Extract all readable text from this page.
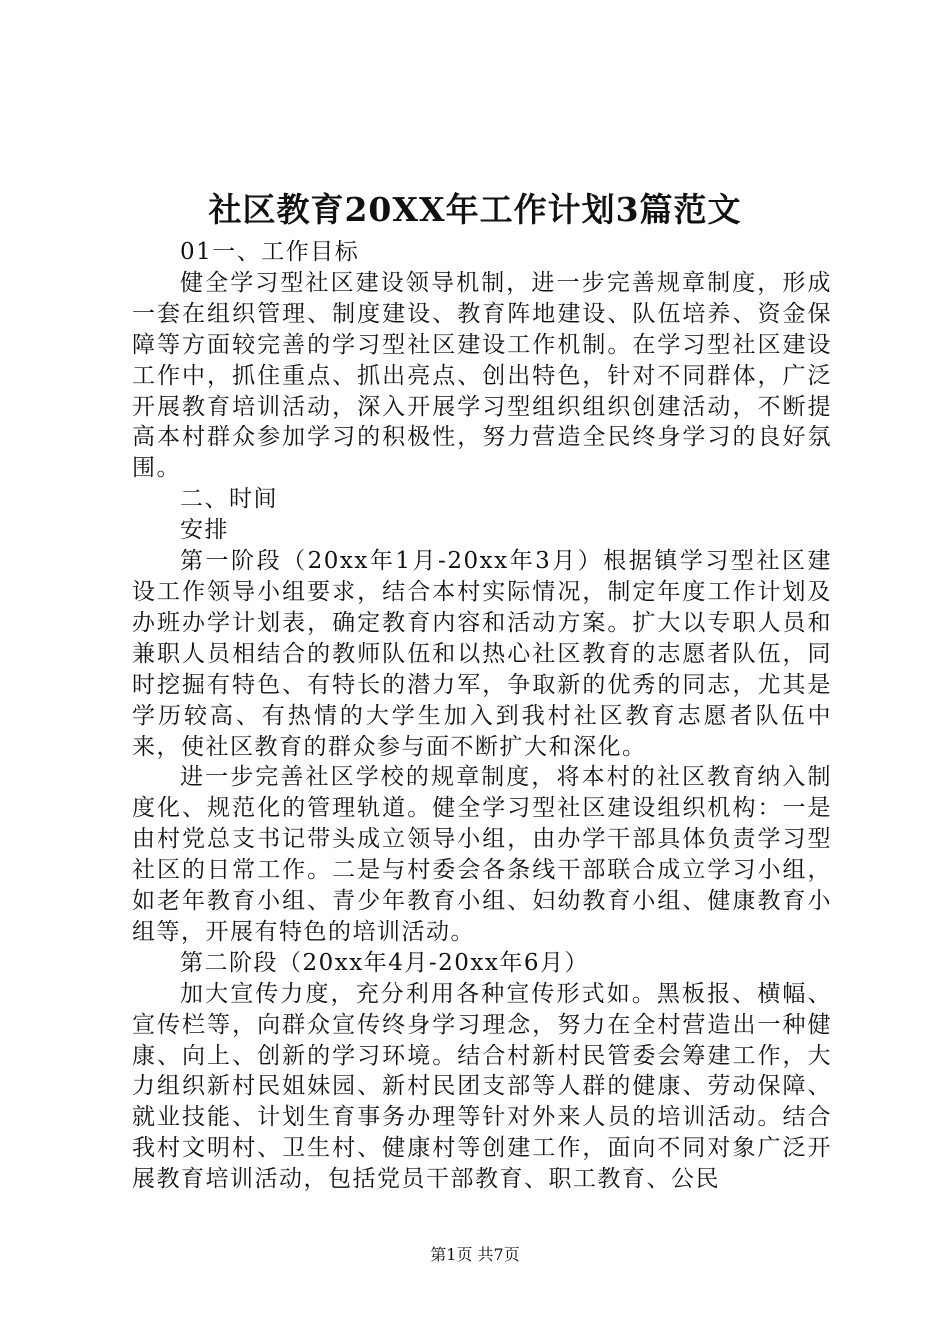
社区教育20XX年工作计划3篇范文

01一、工作目标

健全学习型社区建设领导机制，进一步完善规章制度，形成一套在组织管理、制度建设、教育阵地建设、队伍培养、资金保障等方面较完善的学习型社区建设工作机制。在学习型社区建设工作中，抓住重点、抓出亮点、创出特色，针对不同群体，广泛开展教育培训活动，深入开展学习型组织组织创建活动，不断提高本村群众参加学习的积极性，努力营造全民终身学习的良好氛围。

二、时间

安排

第一阶段（20xx年1月-20xx年3月）根据镇学习型社区建设工作领导小组要求，结合本村实际情况，制定年度工作计划及办班办学计划表，确定教育内容和活动方案。扩大以专职人员和兼职人员相结合的教师队伍和以热心社区教育的志愿者队伍，同时挖掘有特色、有特长的潜力军，争取新的优秀的同志，尤其是学历较高、有热情的大学生加入到我村社区教育志愿者队伍中来，使社区教育的群众参与面不断扩大和深化。

进一步完善社区学校的规章制度，将本村的社区教育纳入制度化、规范化的管理轨道。健全学习型社区建设组织机构：一是由村党总支书记带头成立领导小组，由办学干部具体负责学习型社区的日常工作。二是与村委会各条线干部联合成立学习小组，如老年教育小组、青少年教育小组、妇幼教育小组、健康教育小组等，开展有特色的培训活动。

第二阶段（20xx年4月-20xx年6月）

加大宣传力度，充分利用各种宣传形式如。黑板报、横幅、宣传栏等，向群众宣传终身学习理念，努力在全村营造出一种健康、向上、创新的学习环境。结合村新村民管委会筹建工作，大力组织新村民姐妹园、新村民团支部等人群的健康、劳动保障、就业技能、计划生育事务办理等针对外来人员的培训活动。结合我村文明村、卫生村、健康村等创建工作，面向不同对象广泛开展教育培训活动，包括党员干部教育、职工教育、公民

第1页 共7页
